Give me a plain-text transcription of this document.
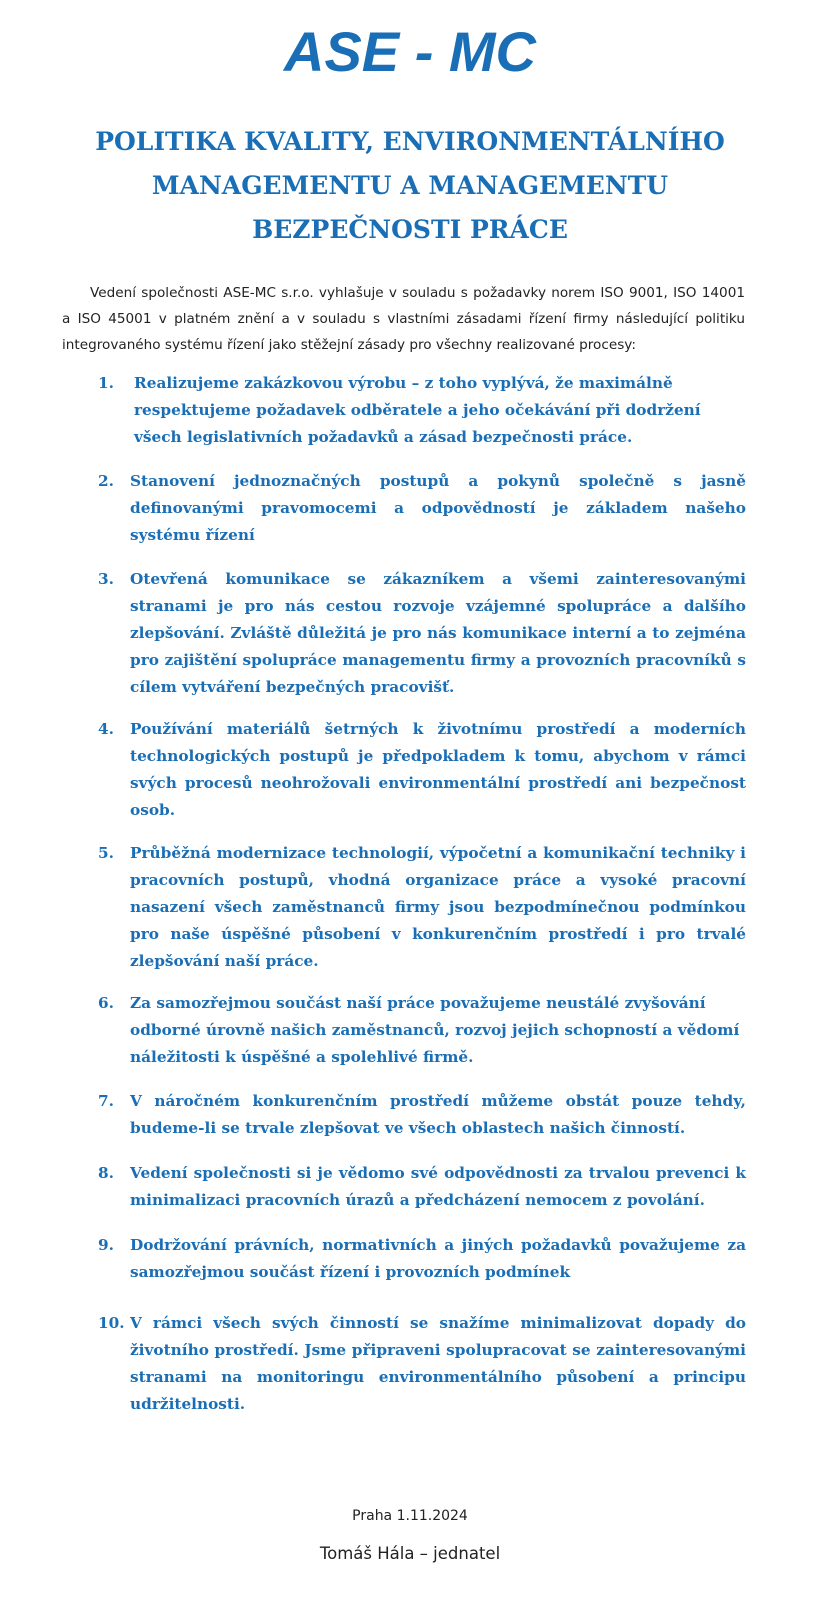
ASE - MC
POLITIKA KVALITY, ENVIRONMENTÁLNÍHO MANAGEMENTU A MANAGEMENTU BEZPEČNOSTI PRÁCE

Vedení společnosti ASE-MC s.r.o. vyhlašuje v souladu s požadavky norem ISO 9001, ISO 14001 a ISO 45001 v platném znění a v souladu s vlastními zásadami řízení firmy následující politiku integrovaného systému řízení jako stěžejní zásady pro všechny realizované procesy:

1.	Realizujeme zakázkovou výrobu – z toho vyplývá, že maximálně respektujeme požadavek odběratele a jeho očekávání při dodržení všech legislativních požadavků a zásad bezpečnosti práce.
2.	Stanovení jednoznačných postupů a pokynů společně s jasně definovanými pravomocemi a odpovědností je základem našeho systému řízení
3.	Otevřená komunikace se zákazníkem a všemi zainteresovanými stranami je pro nás cestou rozvoje vzájemné spolupráce a dalšího zlepšování. Zvláště důležitá je pro nás komunikace interní a to zejména pro zajištění spolupráce managementu firmy a provozních pracovníků s cílem vytváření bezpečných pracovišť.
4.	Používání materiálů šetrných k životnímu prostředí a moderních technologických postupů je předpokladem k tomu, abychom v rámci svých procesů neohrožovali environmentální prostředí ani bezpečnost osob.
5.	Průběžná modernizace technologií, výpočetní a komunikační techniky i pracovních postupů, vhodná organizace práce a vysoké pracovní nasazení všech zaměstnanců firmy jsou bezpodmínečnou podmínkou pro naše úspěšné působení v konkurenčním prostředí i pro trvalé zlepšování naší práce.
6.	Za samozřejmou součást naší práce považujeme neustálé zvyšování odborné úrovně našich zaměstnanců, rozvoj jejich schopností a vědomí náležitosti k úspěšné a spolehlivé firmě.
7.	V náročném konkurenčním prostředí můžeme obstát pouze tehdy, budeme-li se trvale zlepšovat ve všech oblastech našich činností.
8.	Vedení společnosti si je vědomo své odpovědnosti za trvalou prevenci k minimalizaci pracovních úrazů a předcházení nemocem z povolání.
9.	Dodržování právních, normativních a jiných požadavků považujeme za samozřejmou součást řízení i provozních podmínek
10. V rámci všech svých činností se snažíme minimalizovat dopady do životního prostředí. Jsme připraveni spolupracovat se zainteresovanými stranami na monitoringu environmentálního působení a principu udržitelnosti.
Praha 1.11.2024
Tomáš Hála – jednatel
